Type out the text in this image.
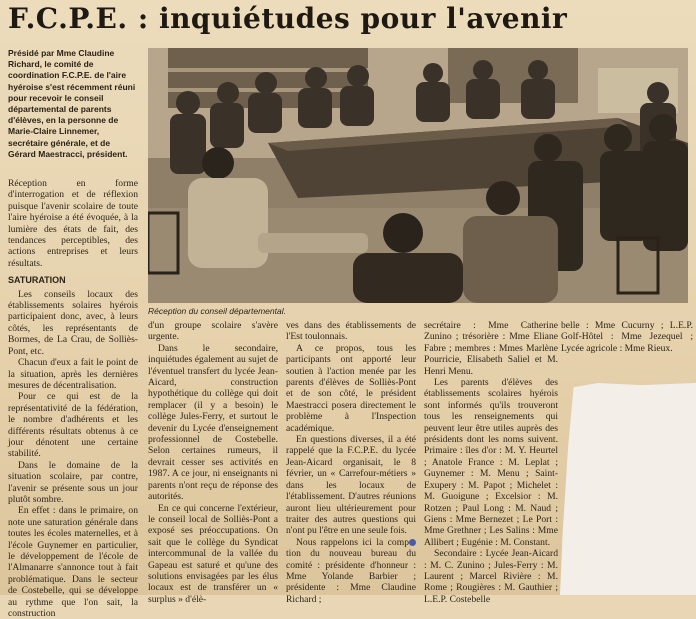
F.C.P.E. : inquiétudes pour l'avenir
Présidé par Mme Claudine Richard, le comité de coordination F.C.P.E. de l'aire hyéroise s'est récemment réuni pour recevoir le conseil départemental de parents d'élèves, en la personne de Marie-Claire Linnemer, secrétaire générale, et de Gérard Maestracci, président.
Réception du conseil départemental.

Réception en forme d'interrogation et de réflexion puisque l'avenir scolaire de toute l'aire hyéroise a été évoquée, à la lumière des états de fait, des tendances perceptibles, des actions entreprises et leurs résultats.

SATURATION

Les conseils locaux des établissements solaires hyérois participaient donc, avec, à leurs côtés, les représentants de Bormes, de La Crau, de Solliès-Pont, etc.

Chacun d'eux a fait le point de la situation, après les dernières mesures de décentralisation.

Pour ce qui est de la représentativité de la fédération, le nombre d'adhérents et les différents résultats obtenus à ce jour dénotent une certaine stabilité.

Dans le domaine de la situation scolaire, par contre, l'avenir se présente sous un jour plutôt sombre.

En effet : dans le primaire, on note une saturation générale dans toutes les écoles maternelles, et à l'école Guynemer en particulier, le développement de l'école de l'Almanarre s'annonce tout à fait problématique. Dans le secteur de Costebelle, qui se développe au rythme que l'on sait, la construction

d'un groupe scolaire s'avère urgente.

Dans le secondaire, inquiétudes également au sujet de l'éventuel transfert du lycée Jean-Aicard, construction hypothétique du collège qui doit remplacer (il y a besoin) le collège Jules-Ferry, et surtout le devenir du Lycée d'enseignement professionnel de Costebelle. Selon certaines rumeurs, il devrait cesser ses activités en 1987. A ce jour, ni enseignants ni parents n'ont reçu de réponse des autorités.

En ce qui concerne l'extérieur, le conseil local de Solliès-Pont a exposé ses préoccupations. On sait que le collège du Syndicat intercommunal de la vallée du Gapeau est saturé et qu'une des solutions envisagées par les élus locaux est de transférer un « surplus » d'élè-

ves dans des établissements de l'Est toulonnais.

A ce propos, tous les participants ont apporté leur soutien à l'action menée par les parents d'élèves de Solliès-Pont et de son côté, le président Maestracci posera directement le problème à l'Inspection académique.

En questions diverses, il a été rappelé que la F.C.P.E. du lycée Jean-Aicard organisait, le 8 février, un « Carrefour-métiers » dans les locaux de l'établissement. D'autres réunions auront lieu ultérieurement pour traiter des autres questions qui n'ont pu l'être en une seule fois.

Nous rappelons ici la comption du nouveau bureau du comité : présidente d'honneur : Mme Yolande Barbier ; présidente : Mme Claudine Richard ;

secrétaire : Mme Catherine Zunino ; trésorière : Mme Eliane Fabre ; membres : Mmes Marlène Pourricie, Elisabeth Saliel et M. Henri Menu.

Les parents d'élèves des établissements scolaires hyérois sont informés qu'ils trouveront tous les renseignements qui peuvent leur être utiles auprès des présidents dont les noms suivent. Primaire : îles d'or : M. Y. Heurtel ; Anatole France : M. Leplat ; Guynemer : M. Menu ; Saint-Exupery : M. Papot ; Michelet : M. Guoigune ; Excelsior : M. Rotzen ; Paul Long : M. Naud ; Giens : Mme Bernezet ; Le Port : Mme Grethner ; Les Salins : Mme Allibert ; Eugénie : M. Constant.

Secondaire : Lycée Jean-Aicard : M. C. Zunino ; Jules-Ferry : M. Laurent ; Marcel Rivière : M. Rome ; Rougières : M. Gauthier ; L.E.P. Costebelle

belle : Mme Cucurny ; L.E.P. Golf-Hôtel : Mme Jezequel ; Lycée agricole : Mme Rieux.
